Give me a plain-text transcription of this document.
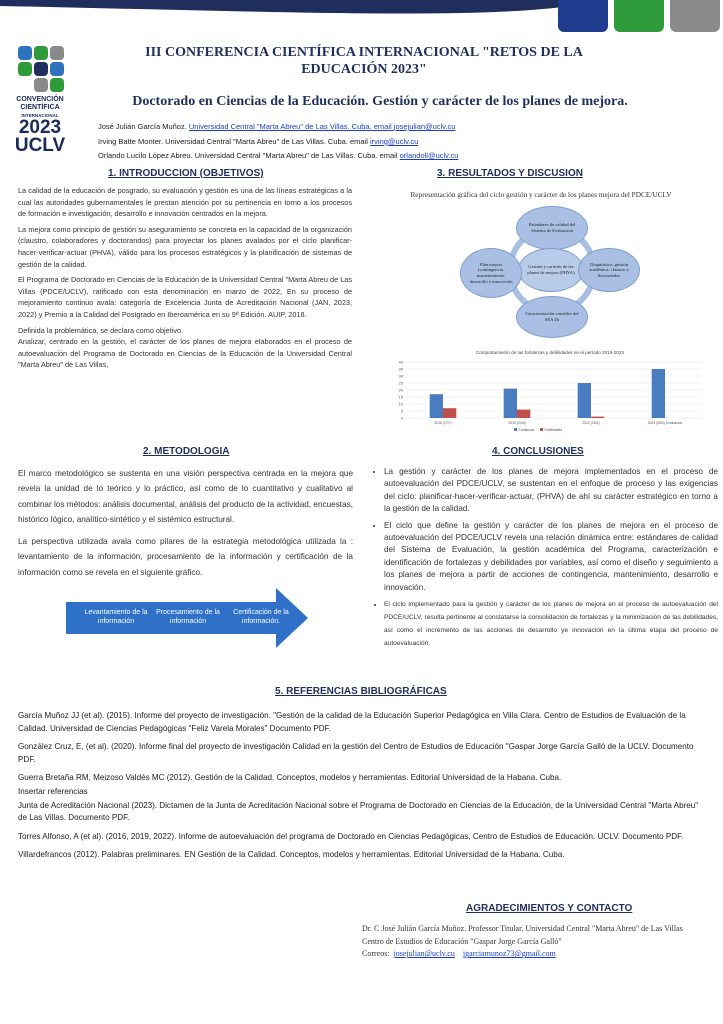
CONVENCIÓN
CIENTÍFICA
INTERNACIONAL
2023
UCLV
III CONFERENCIA CIENTÍFICA INTERNACIONAL "RETOS DE LA EDUCACIÓN 2023"
Doctorado en Ciencias de la Educación. Gestión y carácter de los planes de mejora.
José Julián García Muñoz. Universidad Central "Marta Abreu" de Las Villas. Cuba. email josejulian@uclv.cu
Irving Batte Monter. Universidad Central "Marta Abreu" de Las Villas. Cuba. email irving@uclv.cu
Orlando Lucilo López Abreu. Universidad Central "Marta Abreu" de Las Villas. Cuba. email orlandoll@uclv.cu
1. INTRODUCCION (OBJETIVOS)

La calidad de la educación de posgrado, su evaluación y gestión es una de las líneas estratégicas a la cual las autoridades gubernamentales le prestan atención por su pertinencia en torno a los procesos de formación e investigación, desarrollo e innovación centrados en la mejora.

La mejora como principio de gestión su aseguramiento se concreta en la capacidad de la organización (claustro, colaboradores y doctorandos) para proyectar los planes avalados por el ciclo planificar-hacer-verificar-actuar (PHVA), válido para los procesos estratégicos y la planificación de sistemas de gestión de la calidad.

El Programa de Doctorado en Ciencias de la Educación de la Universidad Central "Marta Abreu de Las Villas (PDCE/UCLV), ratificado con esta denominación en marzo de 2022, En su proceso de mejoramiento continuo avala: categoría de Excelencia Junta de Acreditación Nacional (JAN, 2023, 2022) y Premio a la Calidad del Postgrado en Iberoamérica en su 9ª Edición. AUIP, 2018.

Definida la problemática, se declara como objetivo.

Analizar, centrado en la gestión, el carácter de los planes de mejora elaborados en el proceso de autoevaluación del Programa de Doctorado en Ciencias de la Educación de la Universidad Central "Marta Abreu" de Las Villas,

3. RESULTADOS Y DISCUSION
Representación gráfica del ciclo gestión y carácter de los planes mejora del PDCE/UCLV
Estándares de calidad del Sistema de Evaluación
Gestión y carácter de los planes de mejora (PHVA)
Diagnóstico: gestión académica: claustro y doctorandos
Caracterización variables del SEA Dr
Plan mejora (contingencia, mantenimiento, desarrollo e innovación
Comportamiento de las fortalezas y debilidades en el período 2016-2023
0
5
10
15
20
25
30
35
40
2016 (17/7)	2019 (21/6)	2022 (25/1)	2023 (35/0) Evaluación
Fortalezas	Debilidades
2. METODOLOGIA
El marco metodológico se sustenta en una visión perspectiva centrada en la mejora que revela la unidad de lo teórico y lo práctico, así como de lo cuantitativo y cualitativo al combinar los métodos: análisis documental, análisis del producto de la actividad, encuestas, histórico lógico, analítico-sintético y el sistémico estructural.
La perspectiva utilizada avala como pilares de la estrategia metodológica utilizada la : levantamiento de la información, procesamiento de la información y certificación de la información como se revela en el siguiente gráfico.
Levantamiento de la información
Procesamiento de la información
Certificación de la información.
4. CONCLUSIONES
• La gestión y carácter de los planes de mejora implementados en el proceso de autoevaluación del PDCE/UCLV, se sustentan en el enfoque de proceso y las exigencias del ciclo: planificar-hacer-verificar-actuar, (PHVA) de ahí su carácter estratégico en torno a la gestión de la calidad.
• El ciclo que define la gestión y carácter de los planes de mejora en el proceso de autoevaluación del PDCE/UCLV revela una relación dinámica entre: estándares de calidad del Sistema de Evaluación, la gestión académica del Programa, caracterización e identificación de fortalezas y debilidades por variables, así como el diseño y seguimiento a los planes de mejora a partir de acciones de contingencia, mantenimiento, desarrollo e innovación.
• El ciclo implementado para la gestión y carácter de los planes de mejora en el proceso de autoevaluación del PDCE/UCLV, resulta pertinente al constatarse la consolidación de fortalezas y la minimización de las debilidades, así como el incremento de las acciones de desarrollo ye innovación en la última etapa del proceso de autoevaluación.
5. REFERENCIAS BIBLIOGRÁFICAS
García Muñoz JJ (et al). (2015). Informe del proyecto de investigación. "Gestión de la calidad de la Educación Superior Pedagógica en Villa Clara. Centro de Estudios de Evaluación de la Calidad. Universidad de Ciencias Pedagógicas "Feliz Varela Morales" Documento PDF.
González Cruz, E, (et al). (2020). Informe final del proyecto de investigación Calidad en la gestión del Centro de Estudios de Educación "Gaspar Jorge García Galló de la UCLV. Documento PDF.
Guerra Bretaña RM, Meizoso Valdés MC (2012). Gestión de la Calidad. Conceptos, modelos y herramientas. Editorial Universidad de la Habana. Cuba.
Insertar referencias
Junta de Acreditación Nacional (2023). Dictamen de la Junta de Acreditación Nacional sobre el Programa de Doctorado en Ciencias de la Educación, de la Universidad Central "Marta Abreu" de Las Villas. Documento PDF.
Torres Alfonso, A (et al). (2016, 2019, 2022). Informe de autoevaluación del programa de Doctorado en Ciencias Pedagógicas, Centro de Estudios de Educación. UCLV. Documento PDF.
Villardefrancos (2012). Palabras preliminares. EN Gestión de la Calidad. Conceptos, modelos y herramientas. Editorial Universidad de la Habana. Cuba.
AGRADECIMIENTOS Y CONTACTO
Dr. C José Julián García Muñoz. Professor Titular. Universidad Central "Marta Abreu" de Las Villas
Centro de Estudios de Educación "Gaspar Jorge García Galló"
Correos: josejulian@uclv.cu jgarciamunoz73@gmail.com
